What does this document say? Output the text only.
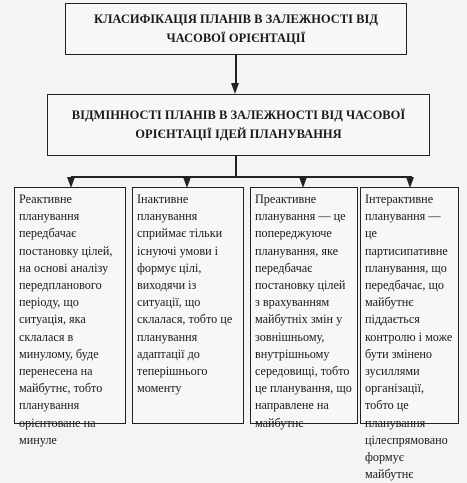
КЛАСИФІКАЦІЯ ПЛАНІВ В ЗАЛЕЖНОСТІ ВІД
ЧАСОВОЇ ОРІЄНТАЦІЇ
ВІДМІННОСТІ ПЛАНІВ В ЗАЛЕЖНОСТІ ВІД ЧАСОВОЇ
ОРІЄНТАЦІЇ ІДЕЙ ПЛАНУВАННЯ

Реактивне планування передбачає постановку цілей, на основі аналізу передпланового періоду, що ситуація, яка склалася в минулому, буде перенесена на майбутнє, тобто планування орієнтоване на минуле

Інактивне планування сприймає тільки існуючі умови і формує цілі, виходячи із ситуації, що склалася, тобто це планування адаптації до теперішнього моменту

Преактивне планування — це попереджуюче планування, яке передбачає постановку цілей з врахуванням майбутніх змін у зовнішньому, внутрішньому середовищі, тобто це планування, що направлене на майбутнє

Інтерактивне планування — це партисипативне планування, що передбачає, що майбутнє піддається контролю і може бути змінено зусиллями організації, тобто це планування цілеспрямовано формує майбутнє
